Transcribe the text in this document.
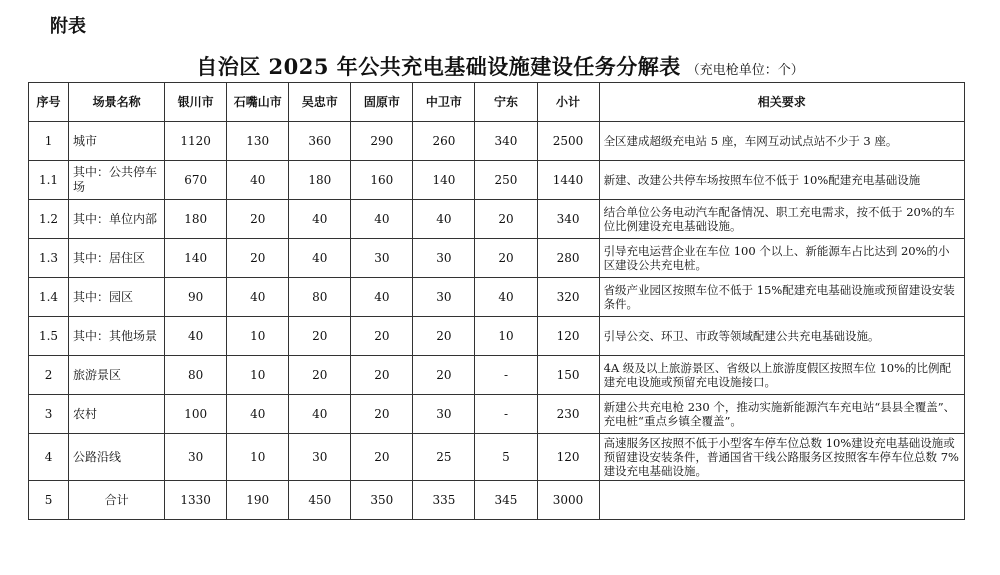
附表
自治区 2025 年公共充电基础设施建设任务分解表 （充电枪单位：个）
序号	场景名称	银川市	石嘴山市	吴忠市	固原市	中卫市	宁东	小计	相关要求
1	城市	1120	130	360	290	260	340	2500	全区建成超级充电站 5 座，车网互动试点站不少于 3 座。
1.1	其中：公共停车场	670	40	180	160	140	250	1440	新建、改建公共停车场按照车位不低于 10%配建充电基础设施
1.2	其中：单位内部	180	20	40	40	40	20	340	结合单位公务电动汽车配备情况、职工充电需求，按不低于 20%的车位比例建设充电基础设施。
1.3	其中：居住区	140	20	40	30	30	20	280	引导充电运营企业在车位 100 个以上、新能源车占比达到 20%的小区建设公共充电桩。
1.4	其中：园区	90	40	80	40	30	40	320	省级产业园区按照车位不低于 15%配建充电基础设施或预留建设安装条件。
1.5	其中：其他场景	40	10	20	20	20	10	120	引导公交、环卫、市政等领域配建公共充电基础设施。
2	旅游景区	80	10	20	20	20	-	150	4A 级及以上旅游景区、省级以上旅游度假区按照车位 10%的比例配建充电设施或预留充电设施接口。
3	农村	100	40	40	20	30	-	230	新建公共充电枪 230 个，推动实施新能源汽车充电站“县县全覆盖”、充电桩“重点乡镇全覆盖”。
4	公路沿线	30	10	30	20	25	5	120	高速服务区按照不低于小型客车停车位总数 10%建设充电基础设施或预留建设安装条件，普通国省干线公路服务区按照客车停车位总数 7%建设充电基础设施。
5	合计	1330	190	450	350	335	345	3000	
